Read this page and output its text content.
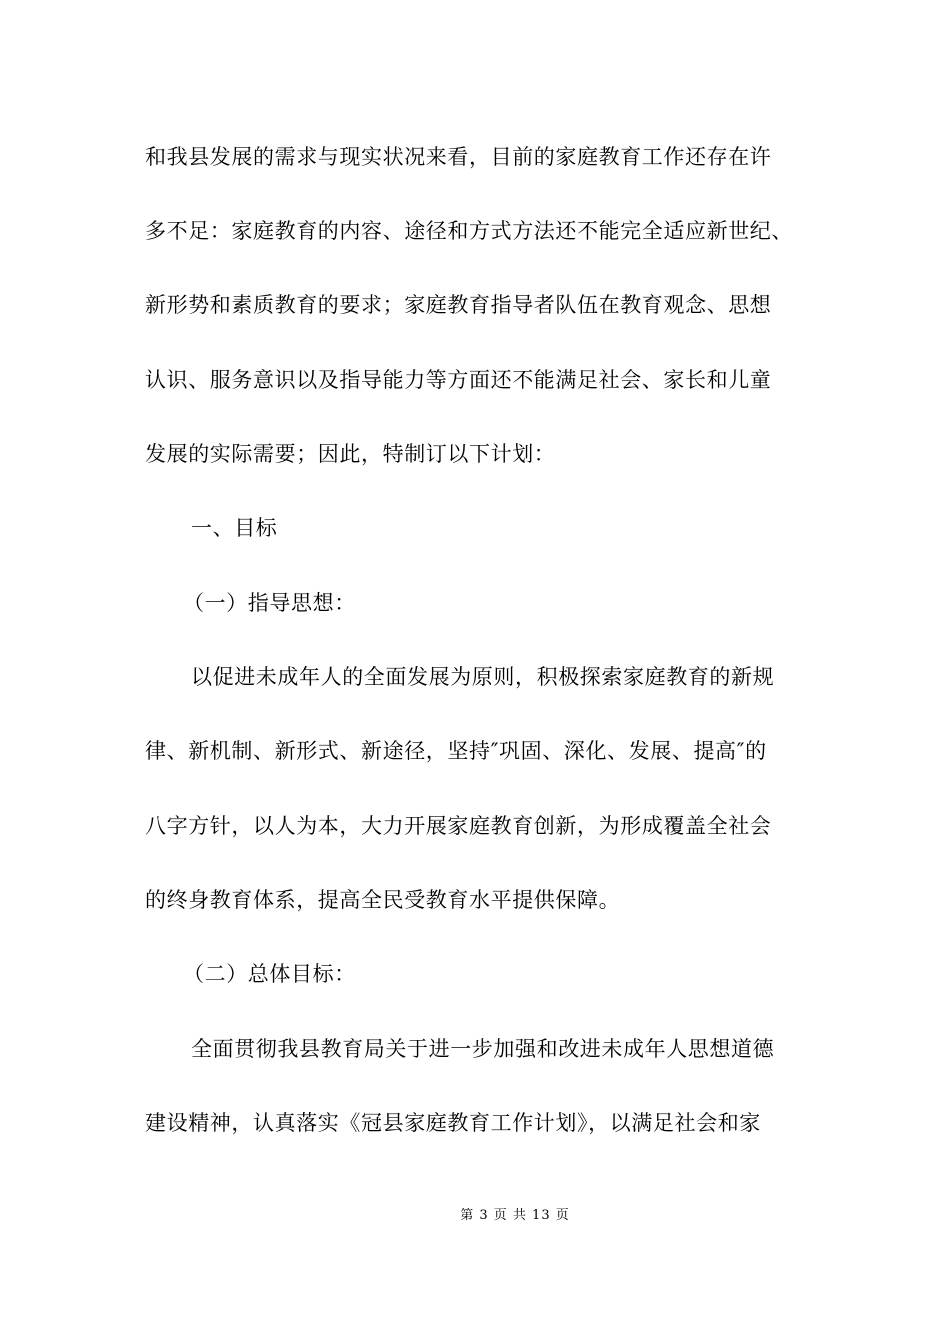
和我县发展的需求与现实状况来看，目前的家庭教育工作还存在许
多不足：家庭教育的内容、途径和方式方法还不能完全适应新世纪、
新形势和素质教育的要求；家庭教育指导者队伍在教育观念、思想
认识、服务意识以及指导能力等方面还不能满足社会、家长和儿童
发展的实际需要；因此，特制订以下计划：
一、目标
（一）指导思想：
以促进未成年人的全面发展为原则，积极探索家庭教育的新规
律、新机制、新形式、新途径，坚持″巩固、深化、发展、提高″的
八字方针，以人为本，大力开展家庭教育创新，为形成覆盖全社会
的终身教育体系，提高全民受教育水平提供保障。
（二）总体目标：
全面贯彻我县教育局关于进一步加强和改进未成年人思想道德
建设精神，认真落实《冠县家庭教育工作计划》，以满足社会和家
第 3 页 共 13 页
